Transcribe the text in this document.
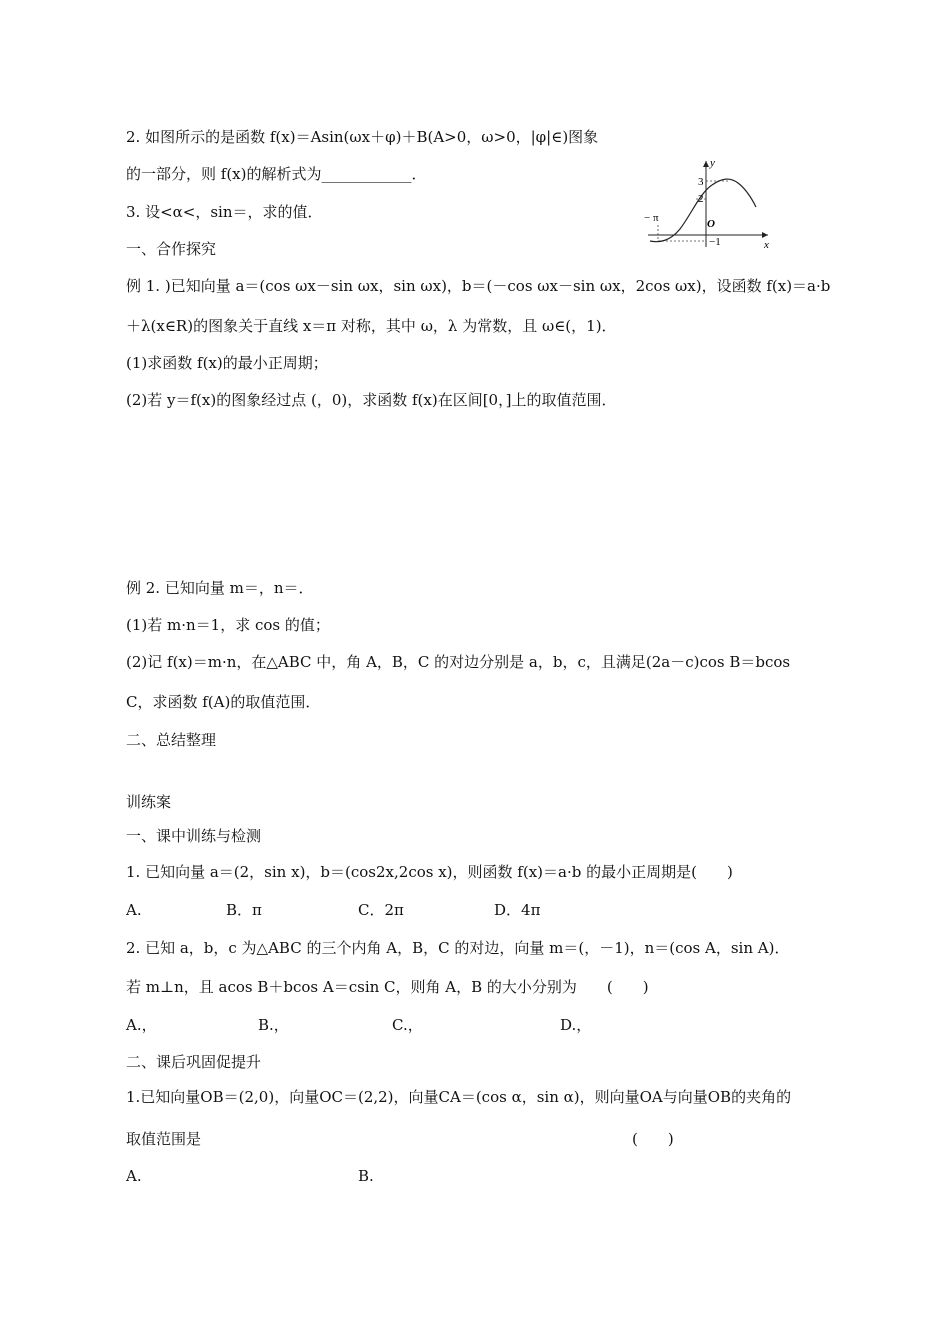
2. 如图所示的是函数 f(x)＝Asin(ωx＋φ)＋B(A>0，ω>0，|φ|∈)图象
的一部分，则 f(x)的解析式为____________．
3. 设<α<，sin＝，求的值．
一、合作探究
y
x
O
3
2
−1
− π
例 1. )已知向量 a＝(cos ωx－sin ωx，sin ωx)，b＝(－cos ωx－sin ωx，2cos ωx)，设函数 f(x)＝a·b
＋λ(x∈R)的图象关于直线 x＝π 对称，其中 ω，λ 为常数，且 ω∈(，1)．
(1)求函数 f(x)的最小正周期；
(2)若 y＝f(x)的图象经过点 (，0)，求函数 f(x)在区间[0，]上的取值范围．
例 2. 已知向量 m＝，n＝．
(1)若 m·n＝1，求 cos 的值；
(2)记 f(x)＝m·n，在△ABC 中，角 A，B，C 的对边分别是 a，b，c，且满足(2a－c)cos B＝bcos
C，求函数 f(A)的取值范围．
二、总结整理
训练案
一、课中训练与检测
1. 已知向量 a＝(2，sin x)，b＝(cos2x,2cos x)，则函数 f(x)＝a·b 的最小正周期是(　　)
A.	B．π	C．2π	D．4π
2. 已知 a，b，c 为△ABC 的三个内角 A，B，C 的对边，向量 m＝(，－1)，n＝(cos A，sin A)．
若 m⊥n，且 acos B＋bcos A＝csin C，则角 A，B 的大小分别为　　(　　)
A.，	B.，	C.，	D.，
二、课后巩固促提升
1.已知向量OB＝(2,0)，向量OC＝(2,2)，向量CA＝(cos α，sin α)，则向量OA与向量OB的夹角的
取值范围是	(　　)
A.	B.
